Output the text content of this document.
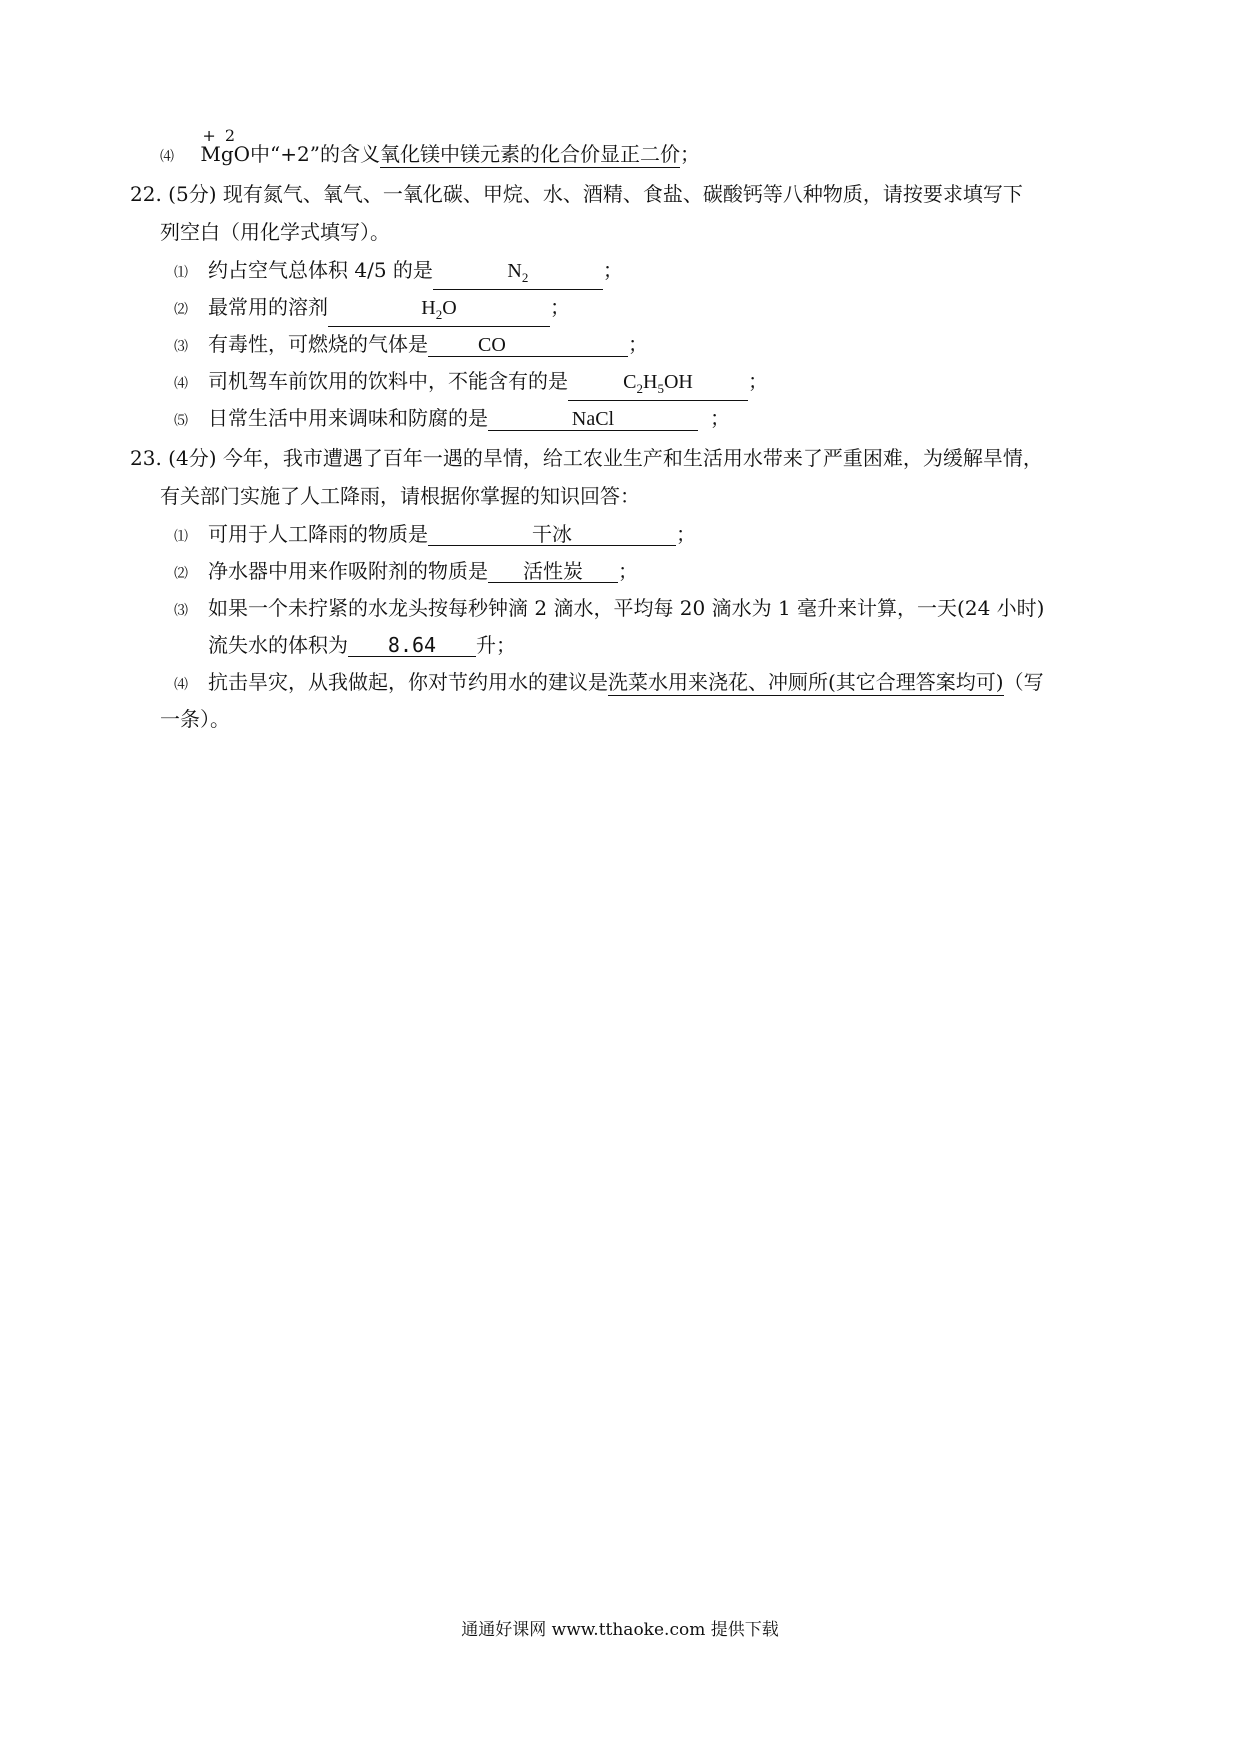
⑷
+ 2
MgO中“+2”的含义氧化镁中镁元素的化合价显正二价；
22. (5分) 现有氮气、氧气、一氧化碳、甲烷、水、酒精、食盐、碳酸钙等八种物质，请按要求填写下
列空白（用化学式填写）。
⑴ 约占空气总体积 4/5 的是	$N_2$	；
⑵ 最常用的溶剂	$H_2O$	；
⑶ 有毒性，可燃烧的气体是	CO	；
⑷ 司机驾车前饮用的饮料中，不能含有的是	$C_2H_5OH$	；
⑸ 日常生活中用来调味和防腐的是	NaCl	；
23. (4分) 今年，我市遭遇了百年一遇的旱情，给工农业生产和生活用水带来了严重困难，为缓解旱情，
有关部门实施了人工降雨，请根据你掌握的知识回答：
⑴ 可用于人工降雨的物质是	干冰	；
⑵ 净水器中用来作吸附剂的物质是 活性炭 ；
⑶ 如果一个未拧紧的水龙头按每秒钟滴 2 滴水，平均每 20 滴水为 1 毫升来计算，一天(24 小时)
流失水的体积为 8.64 升；
⑷ 抗击旱灾，从我做起，你对节约用水的建议是洗菜水用来浇花、冲厕所(其它合理答案均可)（写
一条）。
通通好课网 www.tthaoke.com 提供下载
